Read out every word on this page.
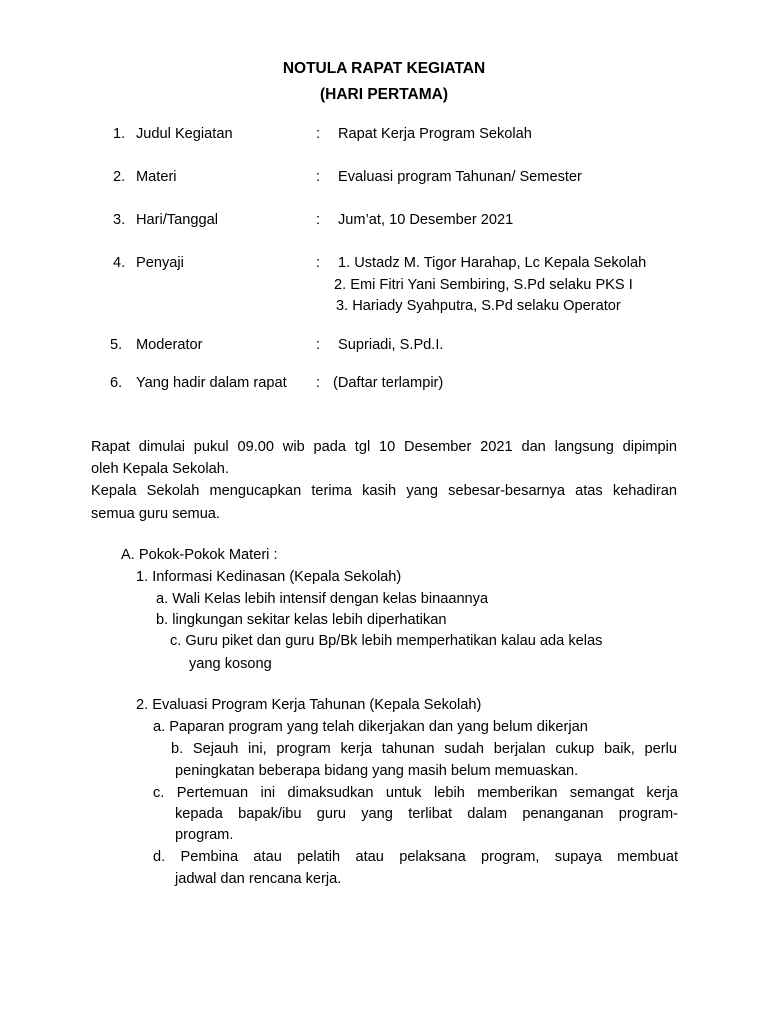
NOTULA RAPAT KEGIATAN
(HARI PERTAMA)
1. Judul Kegiatan	: Rapat Kerja Program Sekolah
2. Materi	: Evaluasi program Tahunan/ Semester
3. Hari/Tanggal	: Jum’at, 10 Desember 2021
4. Penyaji	: 1. Ustadz M. Tigor Harahap, Lc Kepala Sekolah
2. Emi Fitri Yani Sembiring, S.Pd selaku PKS I
3. Hariady Syahputra, S.Pd selaku Operator
5. Moderator	: Supriadi, S.Pd.I.
6. Yang hadir dalam rapat : (Daftar terlampir)
Rapat dimulai pukul 09.00 wib pada tgl 10 Desember 2021 dan langsung dipimpin
oleh Kepala Sekolah.
Kepala Sekolah mengucapkan terima kasih yang sebesar-besarnya atas kehadiran
semua guru semua.
A. Pokok-Pokok Materi :
1. Informasi Kedinasan (Kepala Sekolah)
a. Wali Kelas lebih intensif dengan kelas binaannya
b. lingkungan sekitar kelas lebih diperhatikan
c. Guru piket dan guru Bp/Bk lebih memperhatikan kalau ada kelas
yang kosong
2. Evaluasi Program Kerja Tahunan (Kepala Sekolah)
a. Paparan program yang telah dikerjakan dan yang belum dikerjan
b. Sejauh ini, program kerja tahunan sudah berjalan cukup baik, perlu
peningkatan beberapa bidang yang masih belum memuaskan.
c. Pertemuan ini dimaksudkan untuk lebih memberikan semangat kerja
kepada bapak/ibu guru yang terlibat dalam penanganan program-
program.
d. Pembina atau pelatih atau pelaksana program, supaya membuat
jadwal dan rencana kerja.
